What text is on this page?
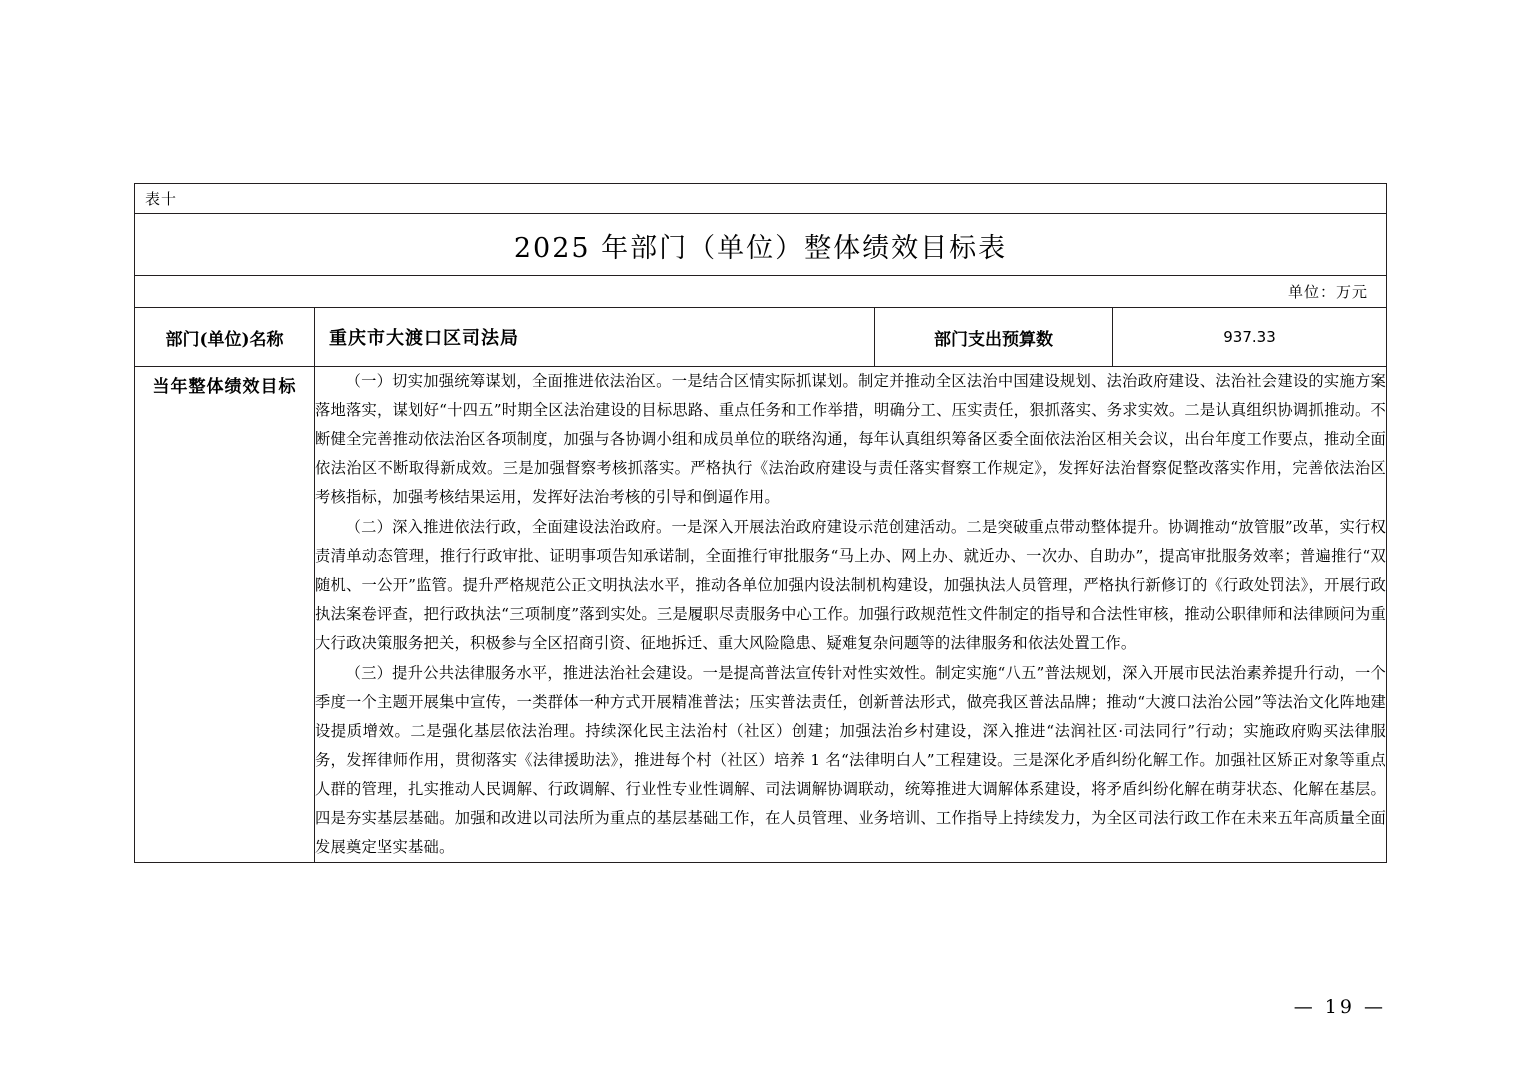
表十			

2025 年部门（单位）整体绩效目标表			

单位：万元			

部门(单位)名称	重庆市大渡口区司法局	部门支出预算数	937.33

当年整体绩效目标	（一）切实加强统筹谋划，全面推进依法治区。一是结合区情实际抓谋划。制定并推动全区法治中国建设规划、法治政府建设、法治社会建设的实施方案落地落实，谋划好“十四五”时期全区法治建设的目标思路、重点任务和工作举措，明确分工、压实责任，狠抓落实、务求实效。二是认真组织协调抓推动。不断健全完善推动依法治区各项制度，加强与各协调小组和成员单位的联络沟通，每年认真组织筹备区委全面依法治区相关会议，出台年度工作要点，推动全面依法治区不断取得新成效。三是加强督察考核抓落实。严格执行《法治政府建设与责任落实督察工作规定》，发挥好法治督察促整改落实作用，完善依法治区考核指标，加强考核结果运用，发挥好法治考核的引导和倒逼作用。

（二）深入推进依法行政，全面建设法治政府。一是深入开展法治政府建设示范创建活动。二是突破重点带动整体提升。协调推动“放管服”改革，实行权责清单动态管理，推行行政审批、证明事项告知承诺制，全面推行审批服务“马上办、网上办、就近办、一次办、自助办”，提高审批服务效率；普遍推行“双随机、一公开”监管。提升严格规范公正文明执法水平，推动各单位加强内设法制机构建设，加强执法人员管理，严格执行新修订的《行政处罚法》，开展行政执法案卷评查，把行政执法“三项制度”落到实处。三是履职尽责服务中心工作。加强行政规范性文件制定的指导和合法性审核，推动公职律师和法律顾问为重大行政决策服务把关，积极参与全区招商引资、征地拆迁、重大风险隐患、疑难复杂问题等的法律服务和依法处置工作。

（三）提升公共法律服务水平，推进法治社会建设。一是提高普法宣传针对性实效性。制定实施“八五”普法规划，深入开展市民法治素养提升行动，一个季度一个主题开展集中宣传，一类群体一种方式开展精准普法；压实普法责任，创新普法形式，做亮我区普法品牌；推动“大渡口法治公园”等法治文化阵地建设提质增效。二是强化基层依法治理。持续深化民主法治村（社区）创建；加强法治乡村建设，深入推进“法润社区·司法同行”行动；实施政府购买法律服务，发挥律师作用，贯彻落实《法律援助法》，推进每个村（社区）培养 1 名“法律明白人”工程建设。三是深化矛盾纠纷化解工作。加强社区矫正对象等重点人群的管理，扎实推动人民调解、行政调解、行业性专业性调解、司法调解协调联动，统筹推进大调解体系建设，将矛盾纠纷化解在萌芽状态、化解在基层。四是夯实基层基础。加强和改进以司法所为重点的基层基础工作，在人员管理、业务培训、工作指导上持续发力，为全区司法行政工作在未来五年高质量全面发展奠定坚实基础。		

— 19 —
